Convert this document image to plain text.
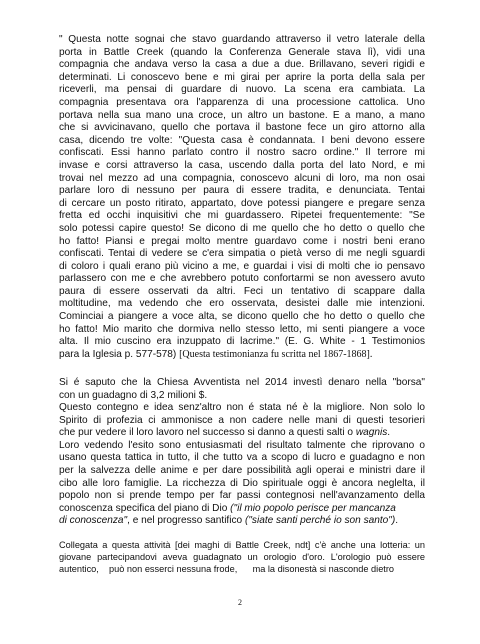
" Questa notte sognai che stavo guardando attraverso il vetro laterale della
porta in Battle Creek (quando la Conferenza Generale stava lì), vidi una
compagnia che andava verso la casa a due a due. Brillavano, severi rigidi e
determinati. Li conoscevo bene e mi girai per aprire la porta della sala per
riceverli, ma pensai di guardare di nuovo. La scena era cambiata. La
compagnia presentava ora l'apparenza di una processione cattolica. Uno
portava nella sua mano una croce, un altro un bastone. E a mano, a mano
che si avvicinavano, quello che portava il bastone fece un giro attorno alla
casa, dicendo tre volte: "Questa casa è condannata. I beni devono essere
confiscati. Essi hanno parlato contro il nostro sacro ordine." Il terrore mi
invase e corsi attraverso la casa, uscendo dalla porta del lato Nord, e mi
trovai nel mezzo ad una compagnia, conoscevo alcuni di loro, ma non osai
parlare loro di nessuno per paura di essere tradita, e denunciata. Tentai
di cercare un posto ritirato, appartato, dove potessi piangere e pregare senza
fretta ed occhi inquisitivi che mi guardassero. Ripetei frequentemente: "Se
solo potessi capire questo! Se dicono di me quello che ho detto o quello che
ho fatto! Piansi e pregai molto mentre guardavo come i nostri beni erano
confiscati. Tentai di vedere se c'era simpatia o pietà verso di me negli sguardi
di coloro i quali erano più vicino a me, e guardai i visi di molti che io pensavo
parlassero con me e che avrebbero potuto confortarmi se non avessero avuto
paura di essere osservati da altri. Feci un tentativo di scappare dalla
moltitudine, ma vedendo che ero osservata, desistei dalle mie intenzioni.
Cominciai a piangere a voce alta, se dicono quello che ho detto o quello che
ho fatto! Mio marito che dormiva nello stesso letto, mi senti piangere a voce
alta. Il mio cuscino era inzuppato di lacrime." (E. G. White - 1 Testimonios
para la Iglesia p. 577-578) [Questa testimonianza fu scritta nel 1867-1868].
Si é saputo che la Chiesa Avventista nel 2014 investì denaro nella "borsa"
con un guadagno di 3,2 milioni $.
Questo contegno e idea senz'altro non é stata né è la migliore. Non solo lo
Spirito di profezia ci ammonisce a non cadere nelle mani di questi tesorieri
che pur vedere il loro lavoro nel successo si danno a questi salti o wagnis.
Loro vedendo l'esito sono entusiasmati del risultato talmente che riprovano o
usano questa tattica in tutto, il che tutto va a scopo di lucro e guadagno e non
per la salvezza delle anime e per dare possibilità agli operai e ministri dare il
cibo alle loro famiglie. La ricchezza di Dio spirituale oggi è ancora neglelta, il
popolo non si prende tempo per far passi contegnosi nell'avanzamento della
conoscenza specifica del piano di Dio ("il mio popolo perisce per mancanza
di conoscenza", e nel progresso santifico ("siate santi perché io son santo").
Collegata a questa attività [dei maghi di Battle Creek, ndt] c'è anche una lotteria: un
giovane partecipandovi aveva guadagnato un orologio d'oro. L'orologio può essere
autentico,    può non esserci nessuna frode,      ma la disonestà si nasconde dietro
2
